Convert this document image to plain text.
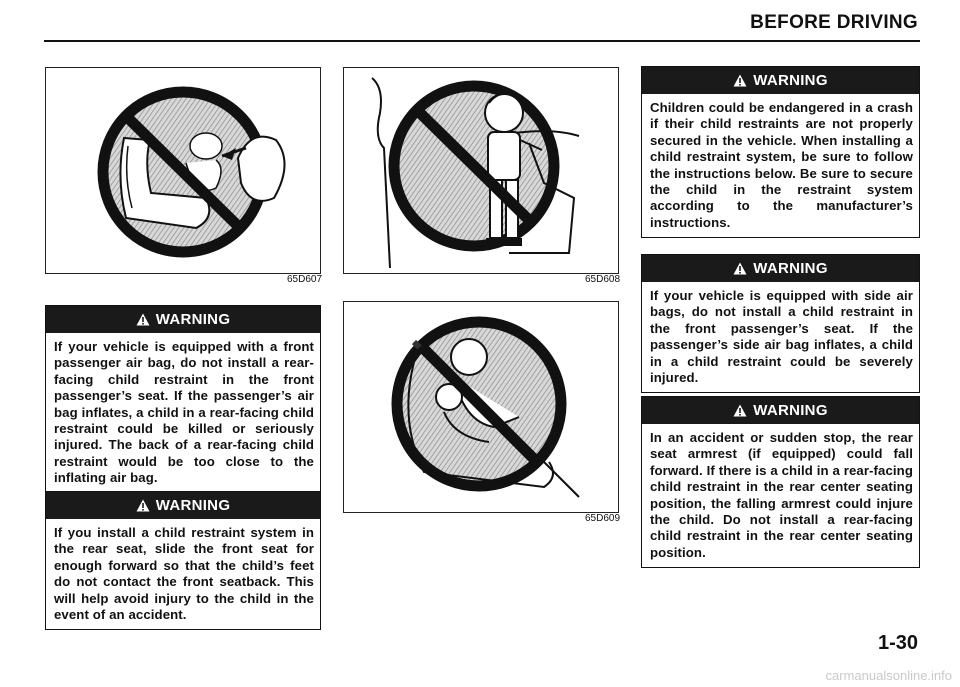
BEFORE DRIVING
65D607	65D608
65D609
WARNING
If your vehicle is equipped with a front passenger air bag, do not install a rear-facing child restraint in the front passenger’s seat. If the passenger’s air bag inflates, a child in a rear-facing child restraint could be killed or seriously injured. The back of a rear-facing child restraint would be too close to the inflating air bag.
WARNING
If you install a child restraint system in the rear seat, slide the front seat for enough forward so that the child’s feet do not contact the front seatback. This will help avoid injury to the child in the event of an accident.
WARNING
Children could be endangered in a crash if their child restraints are not properly secured in the vehicle. When installing a child restraint system, be sure to follow the instructions below. Be sure to secure the child in the restraint system according to the manufacturer’s instructions.
WARNING
If your vehicle is equipped with side air bags, do not install a child restraint in the front passenger’s seat. If the passenger’s side air bag inflates, a child in a child restraint could be severely injured.
WARNING
In an accident or sudden stop, the rear seat armrest (if equipped) could fall forward. If there is a child in a rear-facing child restraint in the rear center seating position, the falling armrest could injure the child. Do not install a rear-facing child restraint in the rear center seating position.
1-30
carmanualsonline.info
